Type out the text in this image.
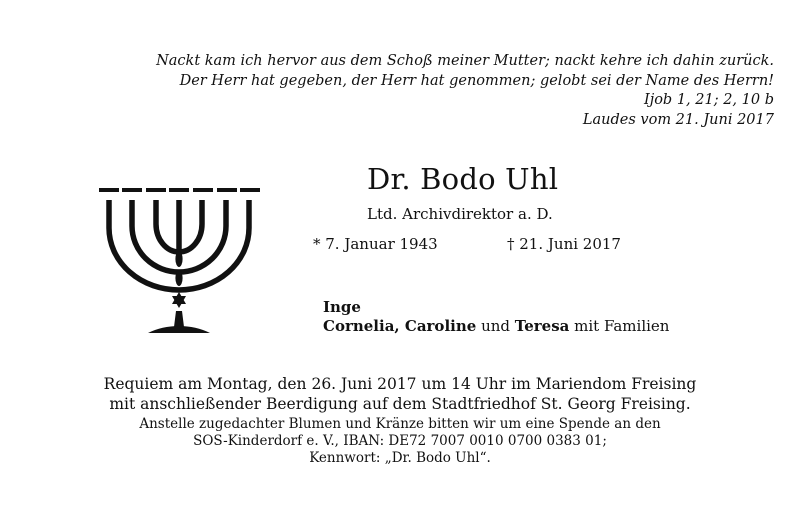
Nackt kam ich hervor aus dem Schoß meiner Mutter; nackt kehre ich dahin zurück.
Der Herr hat gegeben, der Herr hat genommen; gelobt sei der Name des Herrn!
Ijob 1, 21; 2, 10 b
Laudes vom 21. Juni 2017
Dr. Bodo Uhl
Ltd. Archivdirektor a. D.
* 7. Januar 1943	† 21. Juni 2017
Inge
Cornelia, Caroline und Teresa mit Familien
Requiem am Montag, den 26. Juni 2017 um 14 Uhr im Mariendom Freising
mit anschließender Beerdigung auf dem Stadtfriedhof St. Georg Freising.
Anstelle zugedachter Blumen und Kränze bitten wir um eine Spende an den
SOS-Kinderdorf e. V., IBAN: DE72 7007 0010 0700 0383 01;
Kennwort: „Dr. Bodo Uhl“.
